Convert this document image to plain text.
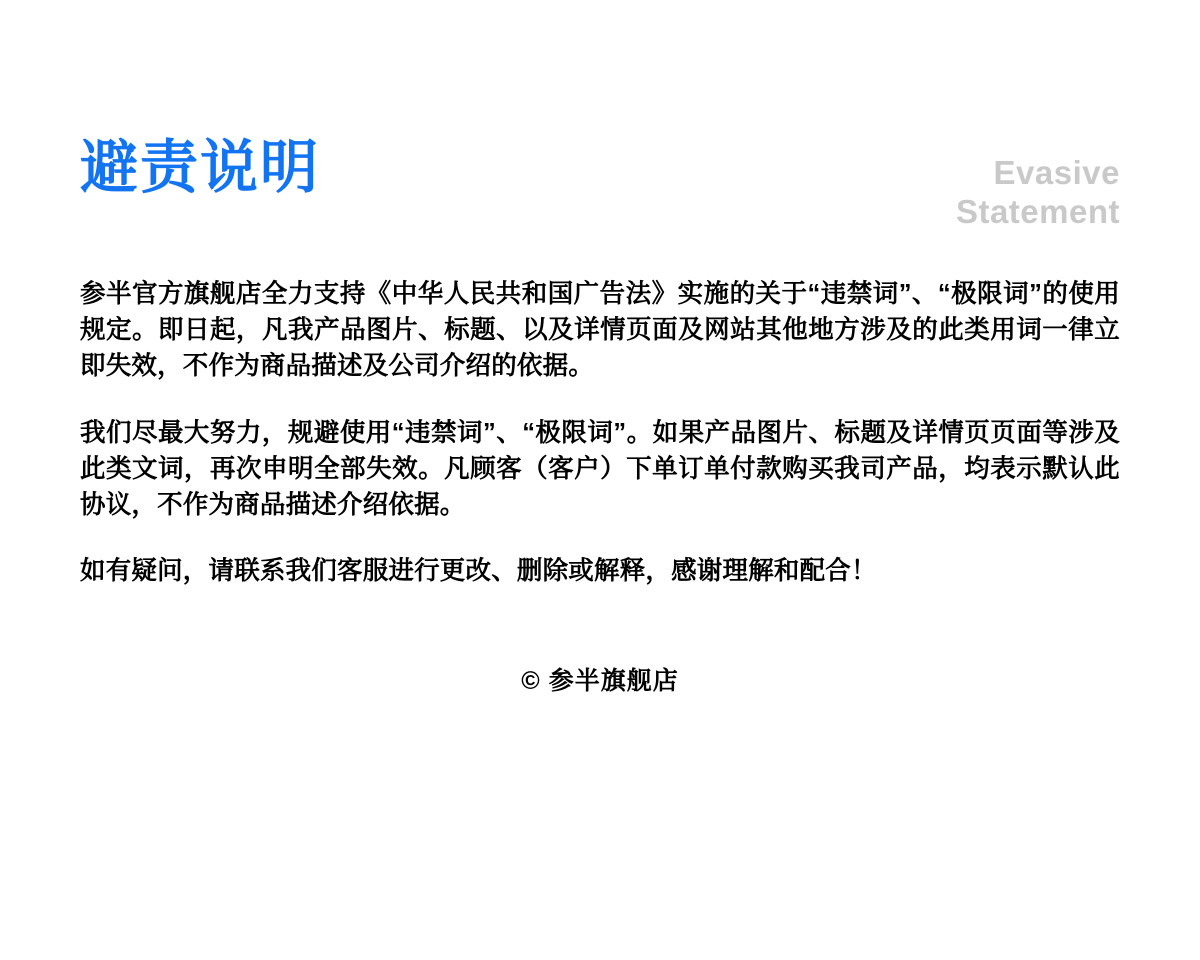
避责说明	Evasive
Statement

参半官方旗舰店全力支持《中华人民共和国广告法》实施的关于“违禁词”、“极限词”的使用规定。即日起，凡我产品图片、标题、以及详情页面及网站其他地方涉及的此类用词一律立即失效，不作为商品描述及公司介绍的依据。

我们尽最大努力，规避使用“违禁词”、“极限词”。如果产品图片、标题及详情页页面等涉及此类文词，再次申明全部失效。凡顾客（客户）下单订单付款购买我司产品，均表示默认此协议，不作为商品描述介绍依据。

如有疑问，请联系我们客服进行更改、删除或解释，感谢理解和配合！

© 参半旗舰店
